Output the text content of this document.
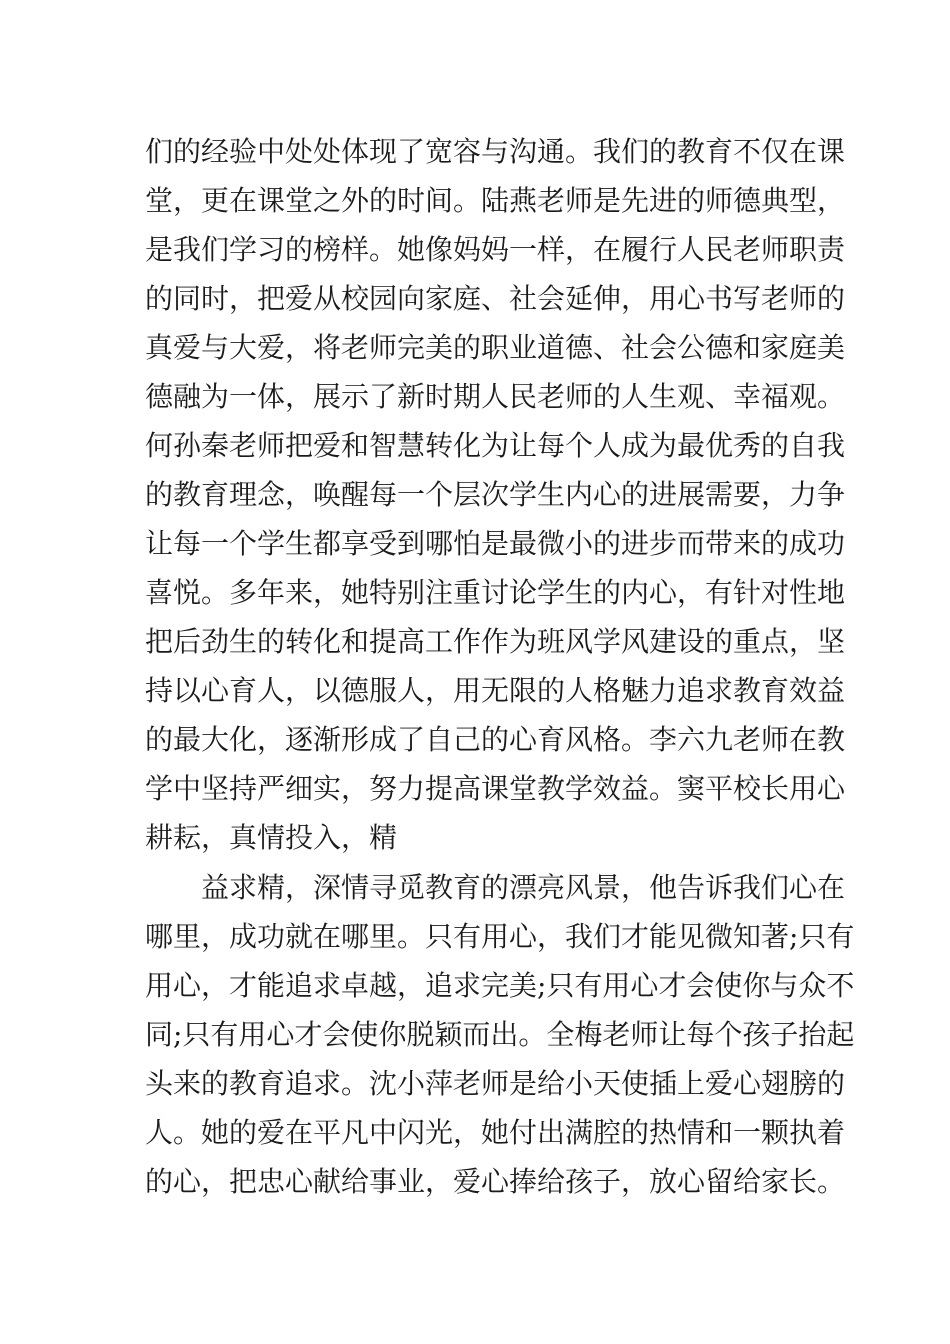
们的经验中处处体现了宽容与沟通。我们的教育不仅在课
堂，更在课堂之外的时间。陆燕老师是先进的师德典型，
是我们学习的榜样。她像妈妈一样，在履行人民老师职责
的同时，把爱从校园向家庭、社会延伸，用心书写老师的
真爱与大爱，将老师完美的职业道德、社会公德和家庭美
德融为一体，展示了新时期人民老师的人生观、幸福观。
何孙秦老师把爱和智慧转化为让每个人成为最优秀的自我
的教育理念，唤醒每一个层次学生内心的进展需要，力争
让每一个学生都享受到哪怕是最微小的进步而带来的成功
喜悦。多年来，她特别注重讨论学生的内心，有针对性地
把后劲生的转化和提高工作作为班风学风建设的重点，坚
持以心育人，以德服人，用无限的人格魅力追求教育效益
的最大化，逐渐形成了自己的心育风格。李六九老师在教
学中坚持严细实，努力提高课堂教学效益。窦平校长用心
耕耘，真情投入，精
益求精，深情寻觅教育的漂亮风景，他告诉我们心在
哪里，成功就在哪里。只有用心，我们才能见微知著;只有
用心，才能追求卓越，追求完美;只有用心才会使你与众不
同;只有用心才会使你脱颖而出。全梅老师让每个孩子抬起
头来的教育追求。沈小萍老师是给小天使插上爱心翅膀的
人。她的爱在平凡中闪光，她付出满腔的热情和一颗执着
的心，把忠心献给事业，爱心捧给孩子，放心留给家长。
